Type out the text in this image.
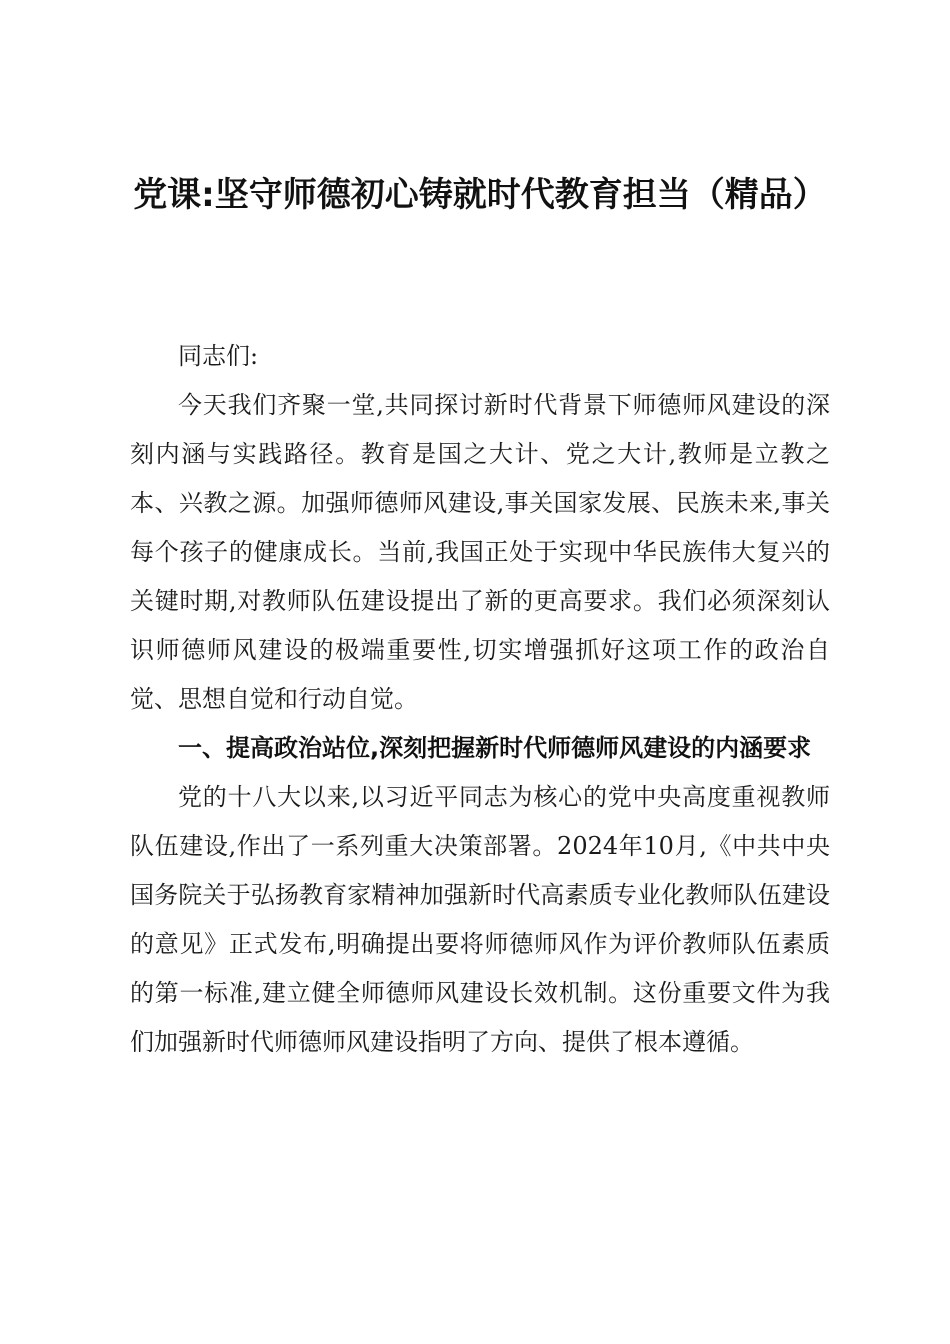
党课:坚守师德初心铸就时代教育担当（精品）

同志们:

今天我们齐聚一堂,共同探讨新时代背景下师德师风建设的深刻内涵与实践路径。教育是国之大计、党之大计,教师是立教之本、兴教之源。加强师德师风建设,事关国家发展、民族未来,事关每个孩子的健康成长。当前,我国正处于实现中华民族伟大复兴的关键时期,对教师队伍建设提出了新的更高要求。我们必须深刻认识师德师风建设的极端重要性,切实增强抓好这项工作的政治自觉、思想自觉和行动自觉。

一、提高政治站位,深刻把握新时代师德师风建设的内涵要求

党的十八大以来,以习近平同志为核心的党中央高度重视教师队伍建设,作出了一系列重大决策部署。2024年10月,《中共中央国务院关于弘扬教育家精神加强新时代高素质专业化教师队伍建设的意见》正式发布,明确提出要将师德师风作为评价教师队伍素质的第一标准,建立健全师德师风建设长效机制。这份重要文件为我们加强新时代师德师风建设指明了方向、提供了根本遵循。
